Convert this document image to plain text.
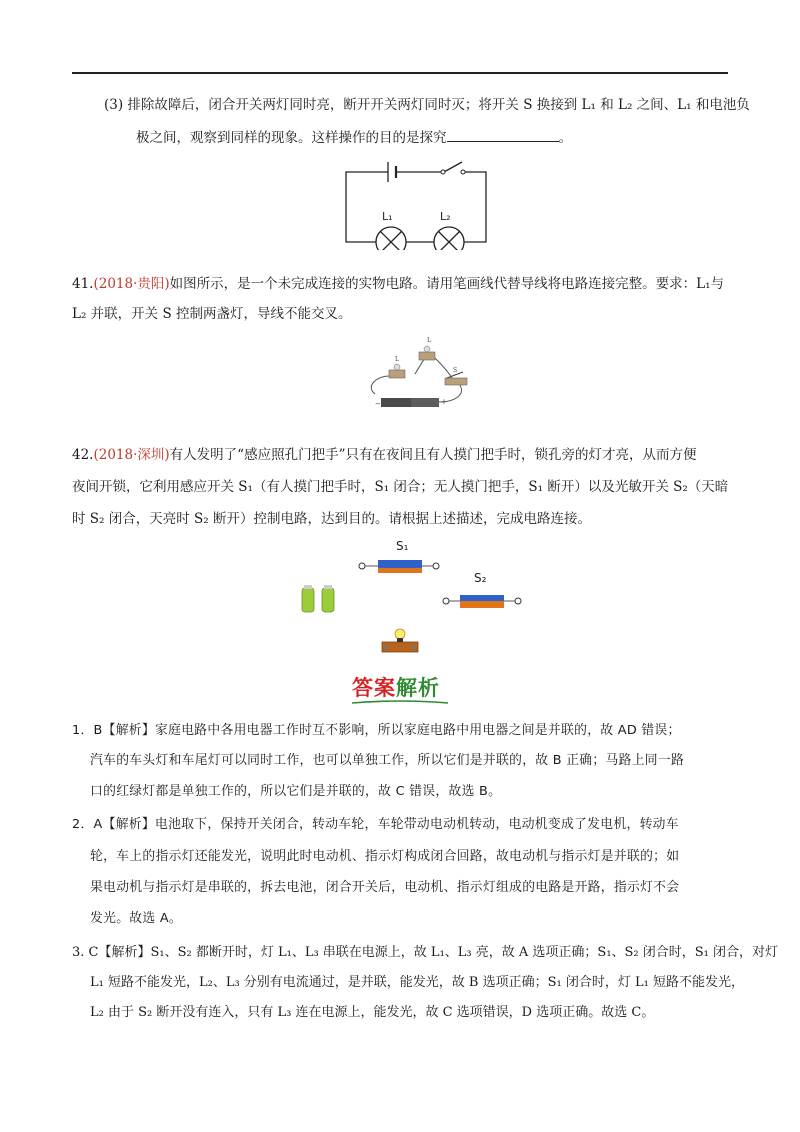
(3) 排除故障后，闭合开关两灯同时亮，断开开关两灯同时灭；将开关 S 换接到 L₁ 和 L₂ 之间、L₁ 和电池负
极之间，观察到同样的现象。这样操作的目的是探究	。
L₁	L₂
41.(2018·贵阳)如图所示，是一个未完成连接的实物电路。请用笔画线代替导线将电路连接完整。要求：L₁与
L₂ 并联，开关 S 控制两盏灯，导线不能交叉。
L
L
S
−	+
42.(2018·深圳)有人发明了“感应照孔门把手”只有在夜间且有人摸门把手时，锁孔旁的灯才亮，从而方便
夜间开锁，它利用感应开关 S₁（有人摸门把手时，S₁ 闭合；无人摸门把手，S₁ 断开）以及光敏开关 S₂（天暗
时 S₂ 闭合，天亮时 S₂ 断开）控制电路，达到目的。请根据上述描述，完成电路连接。
S₁
S₂
答案解析
1．B【解析】家庭电路中各用电器工作时互不影响，所以家庭电路中用电器之间是并联的，故 AD 错误；
汽车的车头灯和车尾灯可以同时工作，也可以单独工作，所以它们是并联的，故 B 正确；马路上同一路
口的红绿灯都是单独工作的，所以它们是并联的，故 C 错误，故选 B。
2．A【解析】电池取下，保持开关闭合，转动车轮，车轮带动电动机转动，电动机变成了发电机，转动车
轮，车上的指示灯还能发光，说明此时电动机、指示灯构成闭合回路，故电动机与指示灯是并联的；如
果电动机与指示灯是串联的，拆去电池，闭合开关后，电动机、指示灯组成的电路是开路，指示灯不会
发光。故选 A。
3. C【解析】S₁、S₂ 都断开时，灯 L₁、L₃ 串联在电源上，故 L₁、L₃ 亮，故 A 选项正确；S₁、S₂ 闭合时，S₁ 闭合，对灯
L₁ 短路不能发光，L₂、L₃ 分别有电流通过，是并联，能发光，故 B 选项正确；S₁ 闭合时，灯 L₁ 短路不能发光，
L₂ 由于 S₂ 断开没有连入，只有 L₃ 连在电源上，能发光，故 C 选项错误，D 选项正确。故选 C。
